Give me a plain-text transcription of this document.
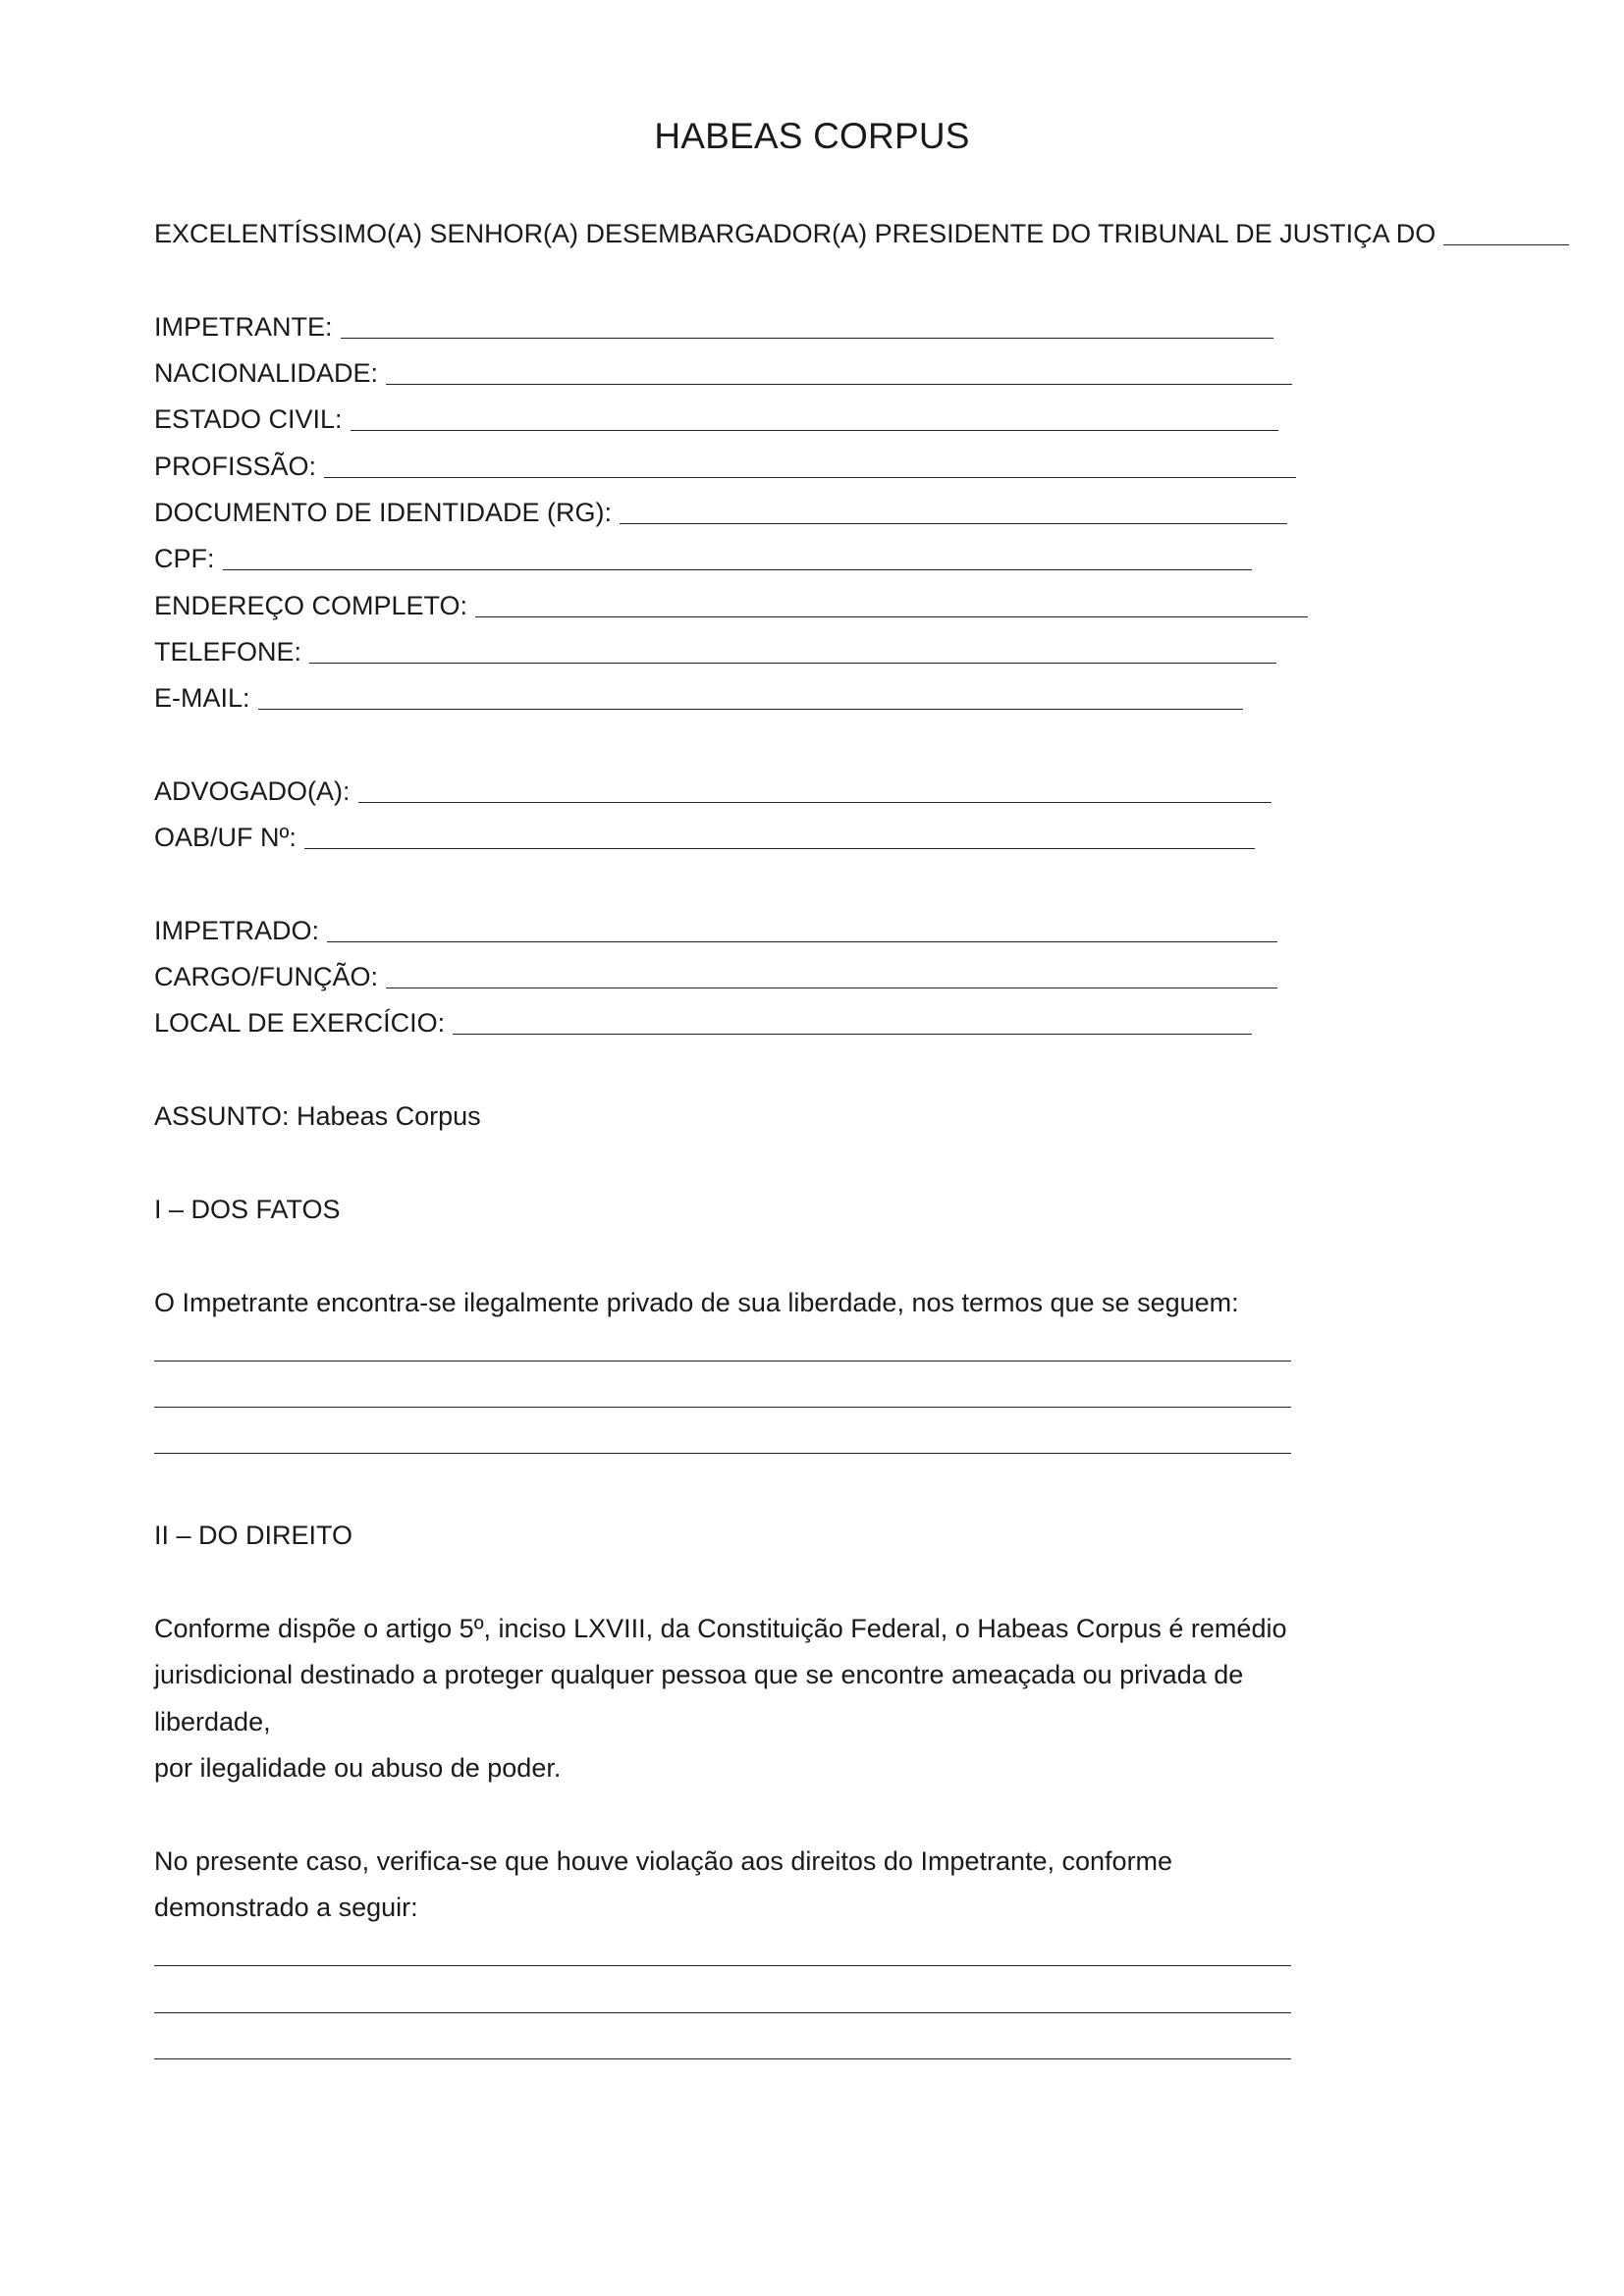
HABEAS CORPUS
EXCELENTÍSSIMO(A) SENHOR(A) DESEMBARGADOR(A) PRESIDENTE DO TRIBUNAL DE JUSTIÇA DO
IMPETRANTE:
NACIONALIDADE:
ESTADO CIVIL:
PROFISSÃO:
DOCUMENTO DE IDENTIDADE (RG):
CPF:
ENDEREÇO COMPLETO:
TELEFONE:
E-MAIL:
ADVOGADO(A):
OAB/UF Nº:
IMPETRADO:
CARGO/FUNÇÃO:
LOCAL DE EXERCÍCIO:
ASSUNTO: Habeas Corpus
I – DOS FATOS
O Impetrante encontra-se ilegalmente privado de sua liberdade, nos termos que se seguem:
II – DO DIREITO
Conforme dispõe o artigo 5º, inciso LXVIII, da Constituição Federal, o Habeas Corpus é remédio
jurisdicional destinado a proteger qualquer pessoa que se encontre ameaçada ou privada de
liberdade,
por ilegalidade ou abuso de poder.
No presente caso, verifica-se que houve violação aos direitos do Impetrante, conforme
demonstrado a seguir:
